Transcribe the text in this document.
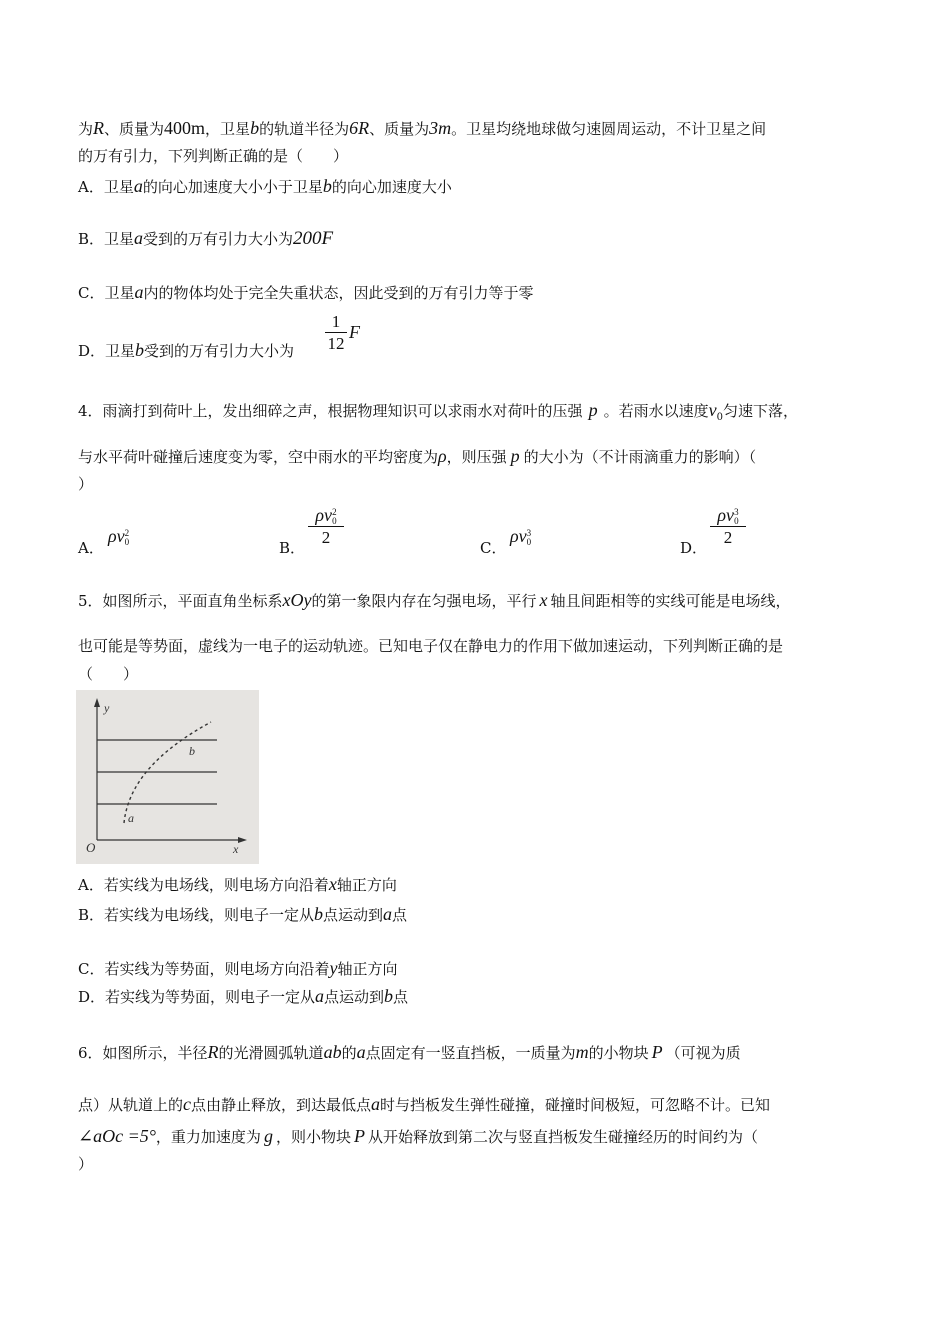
为R、质量为400m，卫星b的轨道半径为6R、质量为3m。卫星均绕地球做匀速圆周运动，不计卫星之间
的万有引力，下列判断正确的是（　　）
A．卫星a的向心加速度大小小于卫星b的向心加速度大小
B．卫星a受到的万有引力大小为200F
C．卫星a内的物体均处于完全失重状态，因此受到的万有引力等于零
D．卫星b受到的万有引力大小为 $\frac{1}{12}$ F
4．雨滴打到荷叶上，发出细碎之声，根据物理知识可以求雨水对荷叶的压强 p 。若雨水以速度$v_0$匀速下落，
与水平荷叶碰撞后速度变为零，空中雨水的平均密度为ρ，则压强 p 的大小为（不计雨滴重力的影响）（
）
A．
ρv 2
0	B． ρv 2
0
2	C．
ρv 3
0	D． ρv 3
0
2
5．如图所示，平面直角坐标系xOy的第一象限内存在匀强电场，平行 x 轴且间距相等的实线可能是电场线，
也可能是等势面，虚线为一电子的运动轨迹。已知电子仅在静电力的作用下做加速运动，下列判断正确的是
（　　）
y
x
O
a
b
A．若实线为电场线，则电场方向沿着x轴正方向
B．若实线为电场线，则电子一定从b点运动到a点
C．若实线为等势面，则电场方向沿着y轴正方向
D．若实线为等势面，则电子一定从a点运动到b点
6．如图所示，半径R的光滑圆弧轨道ab的a点固定有一竖直挡板，一质量为m的小物块 P （可视为质
点）从轨道上的c点由静止释放，到达最低点a时与挡板发生弹性碰撞，碰撞时间极短，可忽略不计。已知
∠aOc =5°，重力加速度为 g ，则小物块 P 从开始释放到第二次与竖直挡板发生碰撞经历的时间约为（
）
